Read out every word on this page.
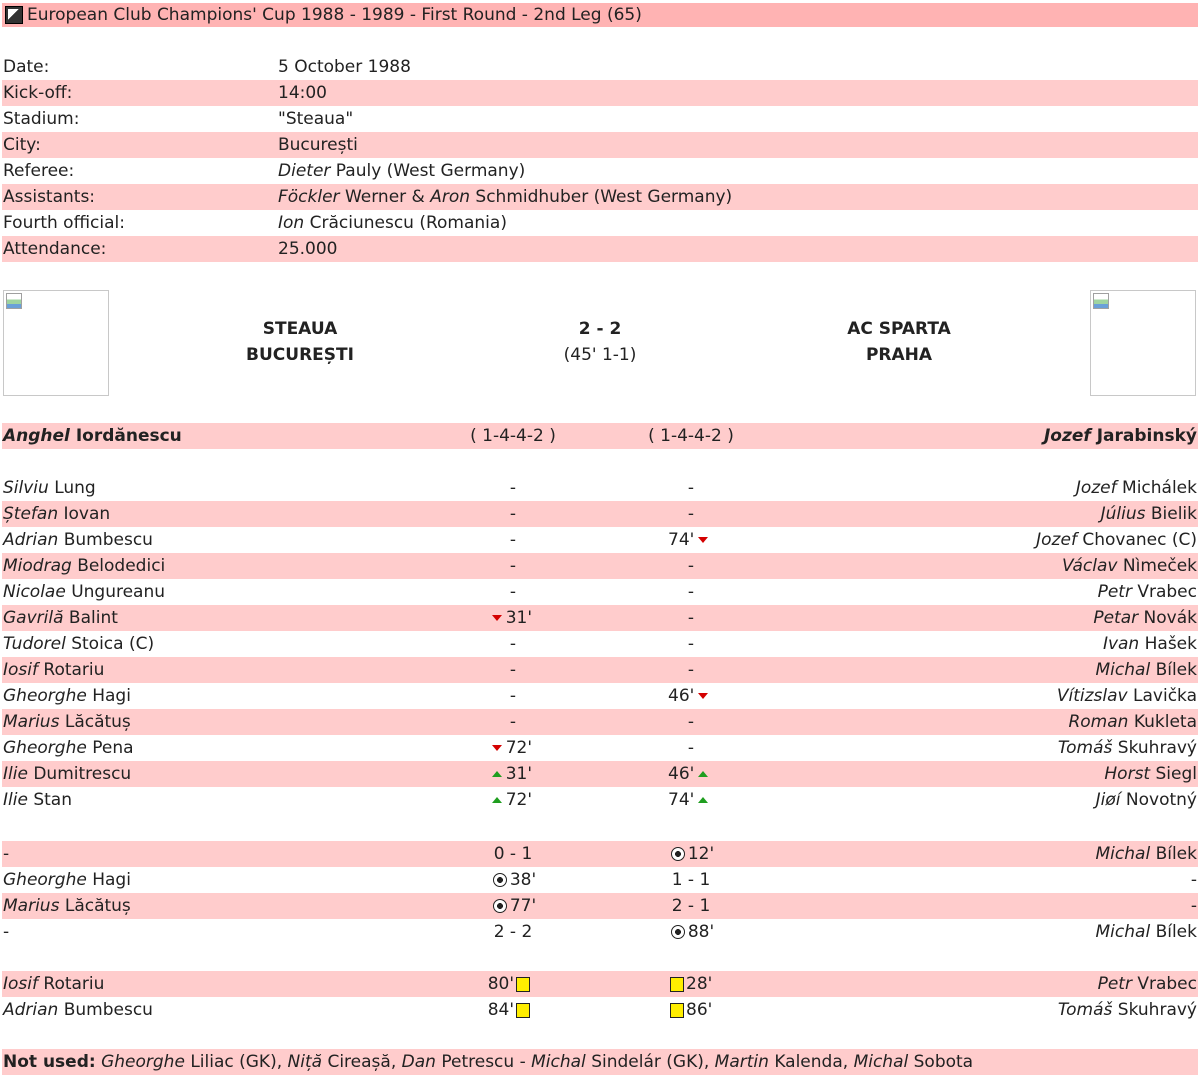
European Club Champions' Cup 1988 - 1989 - First Round - 2nd Leg (65)
Date:	5 October 1988
Kick-off:	14:00
Stadium:	"Steaua"
City:	București
Referee:	Dieter Pauly (West Germany)
Assistants:	Föckler Werner & Aron Schmidhuber (West Germany)
Fourth official:	Ion Crăciunescu (Romania)
Attendance:	25.000
STEAUA
BUCUREȘTI
2 - 2
(45' 1-1)
AC SPARTA
PRAHA
Anghel Iordănescu	( 1-4-4-2 )	( 1-4-4-2 )	Jozef Jarabinský
Silviu Lung	-	-	Jozef Michálek
Ștefan Iovan	-	-	Július Bielik
Adrian Bumbescu	-	74'	Jozef Chovanec (C)
Miodrag Belodedici	-	-	Václav Nìmeček
Nicolae Ungureanu	-	-	Petr Vrabec
Gavrilă Balint	31'	-	Petar Novák
Tudorel Stoica (C)	-	-	Ivan Hašek
Iosif Rotariu	-	-	Michal Bílek
Gheorghe Hagi	-	46'	Vítizslav Lavička
Marius Lăcătuș	-	-	Roman Kukleta
Gheorghe Pena	72'	-	Tomáš Skuhravý
Ilie Dumitrescu	31'	46'	Horst Siegl
Ilie Stan	72'	74'	Jiøí Novotný
-	0 - 1	12'	Michal Bílek
Gheorghe Hagi	38'	1 - 1	-
Marius Lăcătuș	77'	2 - 1	-
-	2 - 2	88'	Michal Bílek
Iosif Rotariu	80'	28'	Petr Vrabec
Adrian Bumbescu	84'	86'	Tomáš Skuhravý
Not used: Gheorghe Liliac (GK), Niță Cireașă, Dan Petrescu - Michal Sindelár (GK), Martin Kalenda, Michal Sobota
